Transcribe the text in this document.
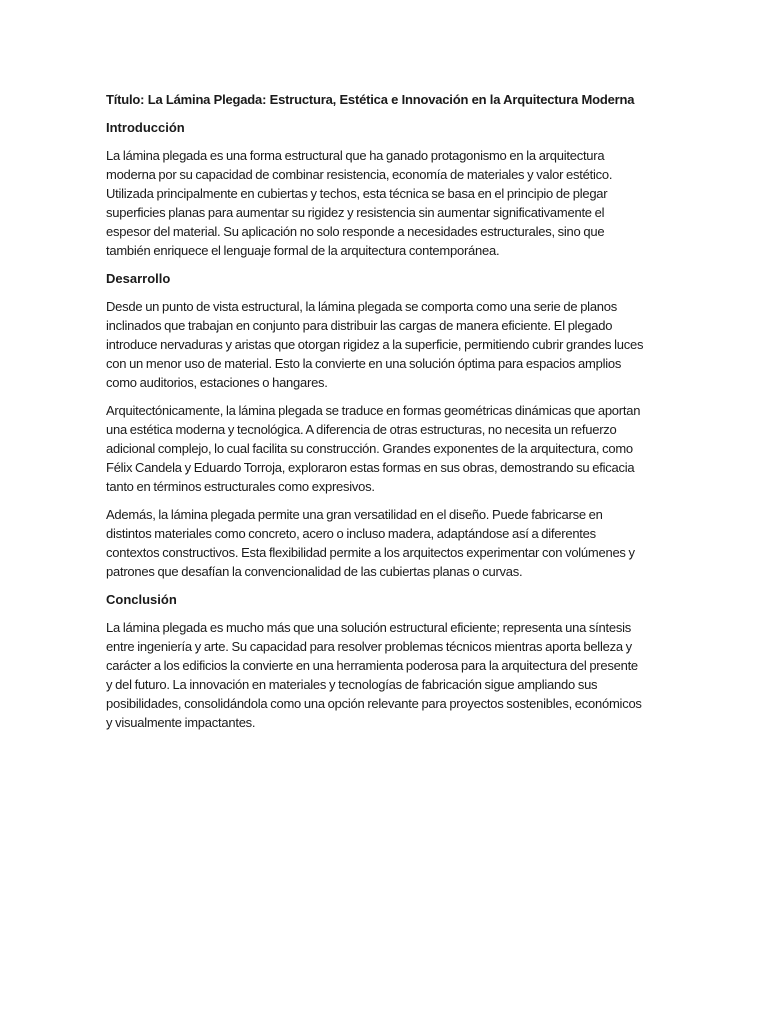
Título: La Lámina Plegada: Estructura, Estética e Innovación en la Arquitectura Moderna
Introducción
La lámina plegada es una forma estructural que ha ganado protagonismo en la arquitectura
moderna por su capacidad de combinar resistencia, economía de materiales y valor estético.
Utilizada principalmente en cubiertas y techos, esta técnica se basa en el principio de plegar
superficies planas para aumentar su rigidez y resistencia sin aumentar significativamente el
espesor del material. Su aplicación no solo responde a necesidades estructurales, sino que
también enriquece el lenguaje formal de la arquitectura contemporánea.
Desarrollo
Desde un punto de vista estructural, la lámina plegada se comporta como una serie de planos
inclinados que trabajan en conjunto para distribuir las cargas de manera eficiente. El plegado
introduce nervaduras y aristas que otorgan rigidez a la superficie, permitiendo cubrir grandes luces
con un menor uso de material. Esto la convierte en una solución óptima para espacios amplios
como auditorios, estaciones o hangares.
Arquitectónicamente, la lámina plegada se traduce en formas geométricas dinámicas que aportan
una estética moderna y tecnológica. A diferencia de otras estructuras, no necesita un refuerzo
adicional complejo, lo cual facilita su construcción. Grandes exponentes de la arquitectura, como
Félix Candela y Eduardo Torroja, exploraron estas formas en sus obras, demostrando su eficacia
tanto en términos estructurales como expresivos.
Además, la lámina plegada permite una gran versatilidad en el diseño. Puede fabricarse en
distintos materiales como concreto, acero o incluso madera, adaptándose así a diferentes
contextos constructivos. Esta flexibilidad permite a los arquitectos experimentar con volúmenes y
patrones que desafían la convencionalidad de las cubiertas planas o curvas.
Conclusión
La lámina plegada es mucho más que una solución estructural eficiente; representa una síntesis
entre ingeniería y arte. Su capacidad para resolver problemas técnicos mientras aporta belleza y
carácter a los edificios la convierte en una herramienta poderosa para la arquitectura del presente
y del futuro. La innovación en materiales y tecnologías de fabricación sigue ampliando sus
posibilidades, consolidándola como una opción relevante para proyectos sostenibles, económicos
y visualmente impactantes.
